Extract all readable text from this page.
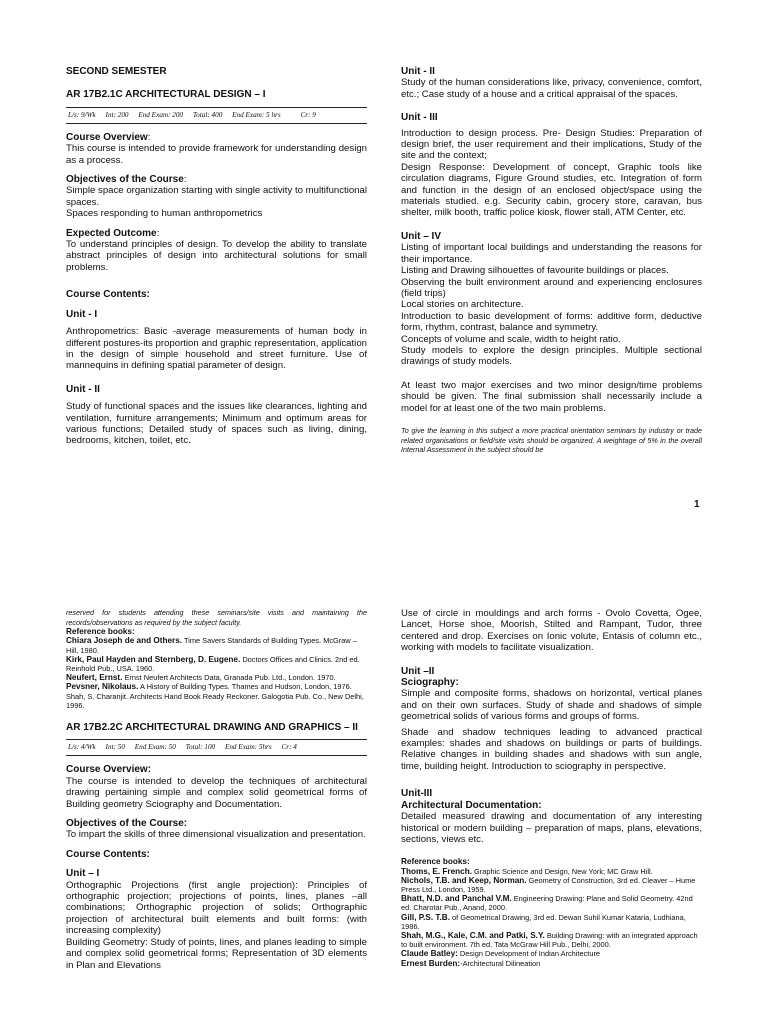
SECOND SEMESTER

AR 17B2.1C ARCHITECTURAL DESIGN – I

L/s: 9/Wk Int: 200 End Exam: 200 Total: 400 End Exam: 5 hrs	Cr: 9

Course Overview:

This course is intended to provide framework for understanding design as a process.

Objectives of the Course:

Simple space organization starting with single activity to multifunctional spaces.

Spaces responding to human anthropometrics

Expected Outcome:

To understand principles of design. To develop the ability to translate abstract principles of design into architectural solutions for small problems.

Course Contents:

Unit - I

Anthropometrics: Basic -average measurements of human body in different postures-its proportion and graphic representation, application in the design of simple household and street furniture. Use of mannequins in defining spatial parameter of design.

Unit - II

Study of functional spaces and the issues like clearances, lighting and ventilation, furniture arrangements; Minimum and optimum areas for various functions; Detailed study of spaces such as living, dining, bedrooms, kitchen, toilet, etc.

Unit - II

Study of the human considerations like, privacy, convenience, comfort, etc.; Case study of a house and a critical appraisal of the spaces.

Unit - III

Introduction to design process. Pre- Design Studies: Preparation of design brief, the user requirement and their implications, Study of the site and the context;

Design Response: Development of concept, Graphic tools like circulation diagrams, Figure Ground studies, etc. Integration of form and function in the design of an enclosed object/space using the materials studied. e.g. Security cabin, grocery store, caravan, bus shelter, milk booth, traffic police kiosk, flower stall, ATM Center, etc.

Unit – IV

Listing of important local buildings and understanding the reasons for their importance.

Listing and Drawing silhouettes of favourite buildings or places.

Observing the built environment around and experiencing enclosures (field trips)

Local stories on architecture.

Introduction to basic development of forms: additive form, deductive form, rhythm, contrast, balance and symmetry.

Concepts of volume and scale, width to height ratio.

Study models to explore the design principles. Multiple sectional drawings of study models.

At least two major exercises and two minor design/time problems should be given. The final submission shall necessarily include a model for at least one of the two main problems.

To give the learning in this subject a more practical orientation seminars by industry or trade related organisations or field/site visits should be organized. A weightage of 5% in the overall Internal Assessment in the subject should be

1

reserved for students attending these seminars/site visits and maintaining the records/observations as required by the subject faculty.

Reference books:

Chiara Joseph de and Others. Time Savers Standards of Building Types. McGraw – Hill, 1980.

Kirk, Paul Hayden and Sternberg, D. Eugene. Doctors Offices and Clinics. 2nd ed. Reinhold Pub., USA. 1960.

Neufert, Ernst. Ernst Neufert Architects Data, Granada Pub. Ltd., London. 1970.

Pevsner, Nikolaus. A History of Building Types. Thames and Hudson, London, 1976.

Shah, S. Charanjit. Architects Hand Book Ready Reckoner. Galogotia Pub. Co., New Delhi, 1996.

AR 17B2.2C ARCHITECTURAL DRAWING AND GRAPHICS – II

L/s: 4/Wk Int: 50 End Exam: 50 Total: 100 End Exam: 5hrs Cr: 4

Course Overview:

The course is intended to develop the techniques of architectural drawing pertaining simple and complex solid geometrical forms of Building geometry Sciography and Documentation.

Objectives of the Course:

To impart the skills of three dimensional visualization and presentation.

Course Contents:

Unit – I

Orthographic Projections (first angle projection): Principles of orthographic projection; projections of points, lines, planes –all combinations; Orthographic projection of solids; Orthographic projection of architectural built elements and built forms: (with increasing complexity)

Building Geometry: Study of points, lines, and planes leading to simple and complex solid geometrical forms; Representation of 3D elements in Plan and Elevations

Use of circle in mouldings and arch forms - Ovolo Covetta, Ogee, Lancet, Horse shoe, Moorish, Stilted and Rampant, Tudor, three centered and drop. Exercises on Ionic volute, Entasis of column etc., working with models to facilitate visualization.

Unit –II

Sciography:

Simple and composite forms, shadows on horizontal, vertical planes and on their own surfaces. Study of shade and shadows of simple geometrical solids of various forms and groups of forms.

Shade and shadow techniques leading to advanced practical examples: shades and shadows on buildings or parts of buildings. Relative changes in building shades and shadows with sun angle, time, building height. Introduction to sciography in perspective.

Unit-III

Architectural Documentation:

Detailed measured drawing and documentation of any interesting historical or modern building – preparation of maps, plans, elevations, sections, views etc.

Reference books:

Thoms, E. French. Graphic Science and Design, New York; MC Graw Hill.

Nichols, T.B. and Keep, Norman. Geometry of Construction, 3rd ed. Cleaver – Hume Press Ltd., London, 1959.

Bhatt, N.D. and Panchal V.M. Engineering Drawing: Plane and Solid Geometry. 42nd ed. Charotar Pub., Anand, 2000.

Gill, P.S. T.B. of Geometrical Drawing, 3rd ed. Dewan Suhil Kumar Kataria, Ludhiana, 1986.

Shah, M.G., Kale, C.M. and Patki, S.Y. Building Drawing: with an integrated approach to built environment. 7th ed. Tata McGraw Hill Pub., Delhi, 2000.

Claude Batley: Design Development of Indian Architecture

Ernest Burden:-Architectural Dilineation
